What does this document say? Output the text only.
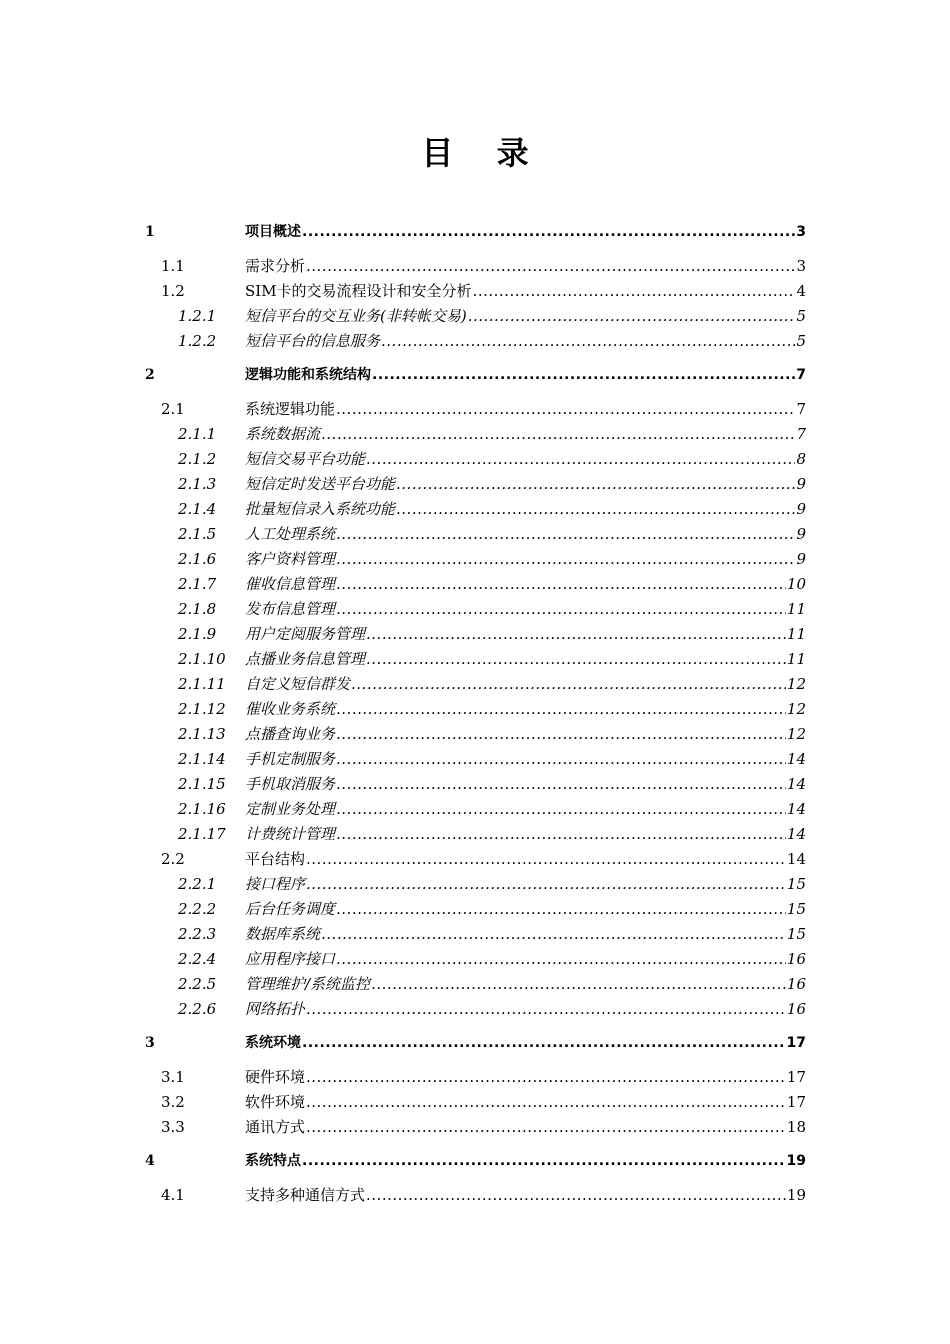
目 录
1	项目概述 .....	3
1.1	需求分析 .....	3
1.2	SIM卡的交易流程设计和安全分析 .....	4
1.2.1	短信平台的交互业务(非转帐交易) .....	5
1.2.2	短信平台的信息服务 .....	5
2	逻辑功能和系统结构 .....	7
2.1	系统逻辑功能 .....	7
2.1.1	系统数据流 .....	7
2.1.2	短信交易平台功能 .....	8
2.1.3	短信定时发送平台功能 .....	9
2.1.4	批量短信录入系统功能 .....	9
2.1.5	人工处理系统 .....	9
2.1.6	客户资料管理 .....	9
2.1.7	催收信息管理 .....	10
2.1.8	发布信息管理 .....	11
2.1.9	用户定阅服务管理 .....	11
2.1.10	点播业务信息管理 .....	11
2.1.11	自定义短信群发 .....	12
2.1.12	催收业务系统 .....	12
2.1.13	点播查询业务 .....	12
2.1.14	手机定制服务 .....	14
2.1.15	手机取消服务 .....	14
2.1.16	定制业务处理 .....	14
2.1.17	计费统计管理 .....	14
2.2	平台结构 .....	14
2.2.1	接口程序 .....	15
2.2.2	后台任务调度 .....	15
2.2.3	数据库系统 .....	15
2.2.4	应用程序接口 .....	16
2.2.5	管理维护/系统监控 .....	16
2.2.6	网络拓扑 .....	16
3	系统环境 .....	17
3.1	硬件环境 .....	17
3.2	软件环境 .....	17
3.3	通讯方式 .....	18
4	系统特点 .....	19
4.1	支持多种通信方式 .....	19
